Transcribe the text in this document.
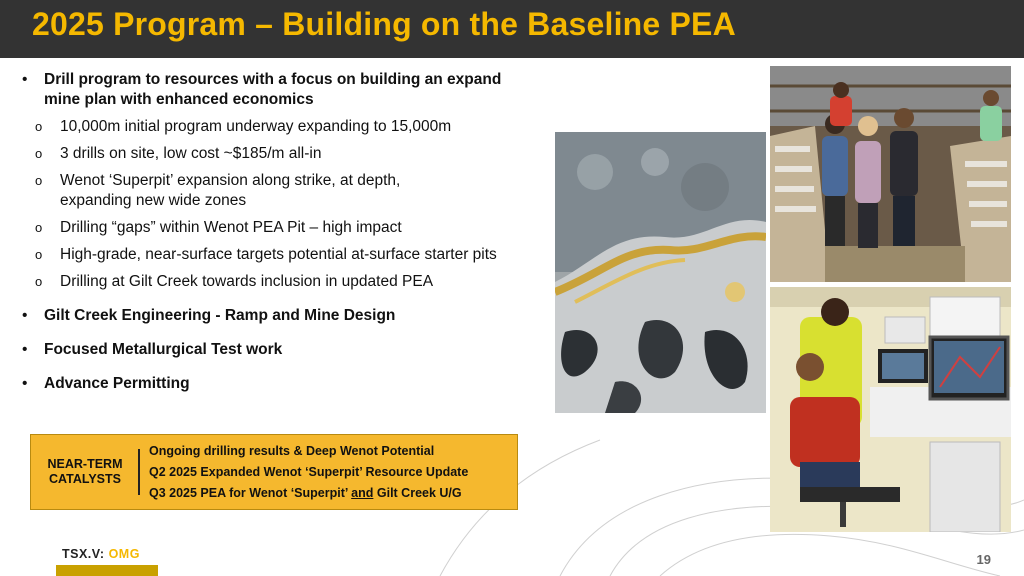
2025 Program – Building on the Baseline PEA
• Drill program to resources with a focus on building an expand mine plan with enhanced economics
o 10,000m initial program underway expanding to 15,000m
o 3 drills on site, low cost ~$185/m all-in
o Wenot ‘Superpit’ expansion along strike, at depth, expanding new wide zones
o Drilling “gaps” within Wenot PEA Pit – high impact
o High-grade, near-surface targets potential at-surface starter pits
o Drilling at Gilt Creek towards inclusion in updated PEA
• Gilt Creek Engineering - Ramp and Mine Design
• Focused Metallurgical Test work
• Advance Permitting
NEAR-TERM CATALYSTS
Ongoing drilling results & Deep Wenot Potential
Q2 2025 Expanded Wenot ‘Superpit’ Resource Update
Q3 2025 PEA for Wenot ‘Superpit’ and Gilt Creek U/G
TSX.V: OMG	19
